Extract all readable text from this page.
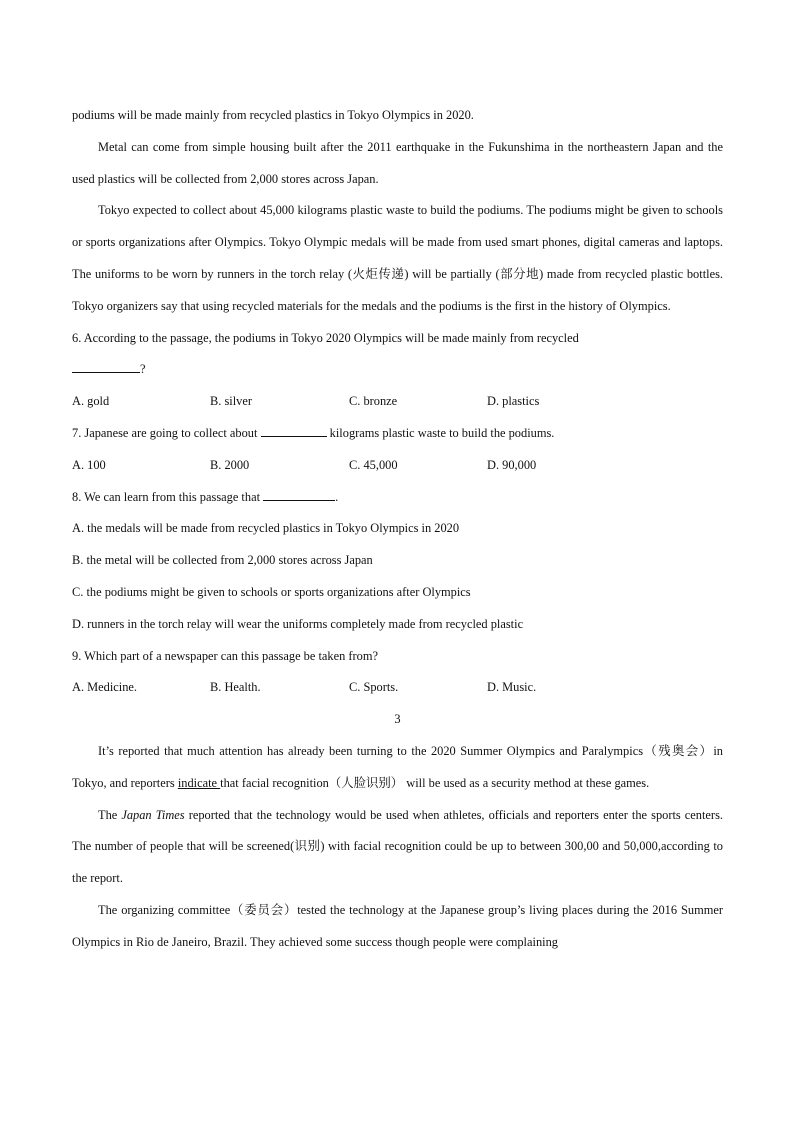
podiums will be made mainly from recycled plastics in Tokyo Olympics in 2020.

Metal can come from simple housing built after the 2011 earthquake in the Fukunshima in the northeastern Japan and the used plastics will be collected from 2,000 stores across Japan.

Tokyo expected to collect about 45,000 kilograms plastic waste to build the podiums. The podiums might be given to schools or sports organizations after Olympics. Tokyo Olympic medals will be made from used smart phones, digital cameras and laptops. The uniforms to be worn by runners in the torch relay (火炬传递) will be partially (部分地) made from recycled plastic bottles. Tokyo organizers say that using recycled materials for the medals and the podiums is the first in the history of Olympics.

6. According to the passage, the podiums in Tokyo 2020 Olympics will be made mainly from recycled
?

A. gold	B. silver	C. bronze	D. plastics

7. Japanese are going to collect about	kilograms plastic waste to build the podiums.

A. 100	B. 2000	C. 45,000	D. 90,000

8. We can learn from this passage that	.

A. the medals will be made from recycled plastics in Tokyo Olympics in 2020

B. the metal will be collected from 2,000 stores across Japan

C. the podiums might be given to schools or sports organizations after Olympics

D. runners in the torch relay will wear the uniforms completely made from recycled plastic

9. Which part of a newspaper can this passage be taken from?

A. Medicine.	B. Health.	C. Sports.	D. Music.

3

It’s reported that much attention has already been turning to the 2020 Summer Olympics and Paralympics（残奥会）in Tokyo, and reporters indicate that facial recognition（人脸识别） will be used as a security method at these games.

The Japan Times reported that the technology would be used when athletes, officials and reporters enter the sports centers. The number of people that will be screened(识别) with facial recognition could be up to between 300,00 and 50,000,according to the report.

The organizing committee（委员会）tested the technology at the Japanese group’s living places during the 2016 Summer Olympics in Rio de Janeiro, Brazil. They achieved some success though people were complaining
